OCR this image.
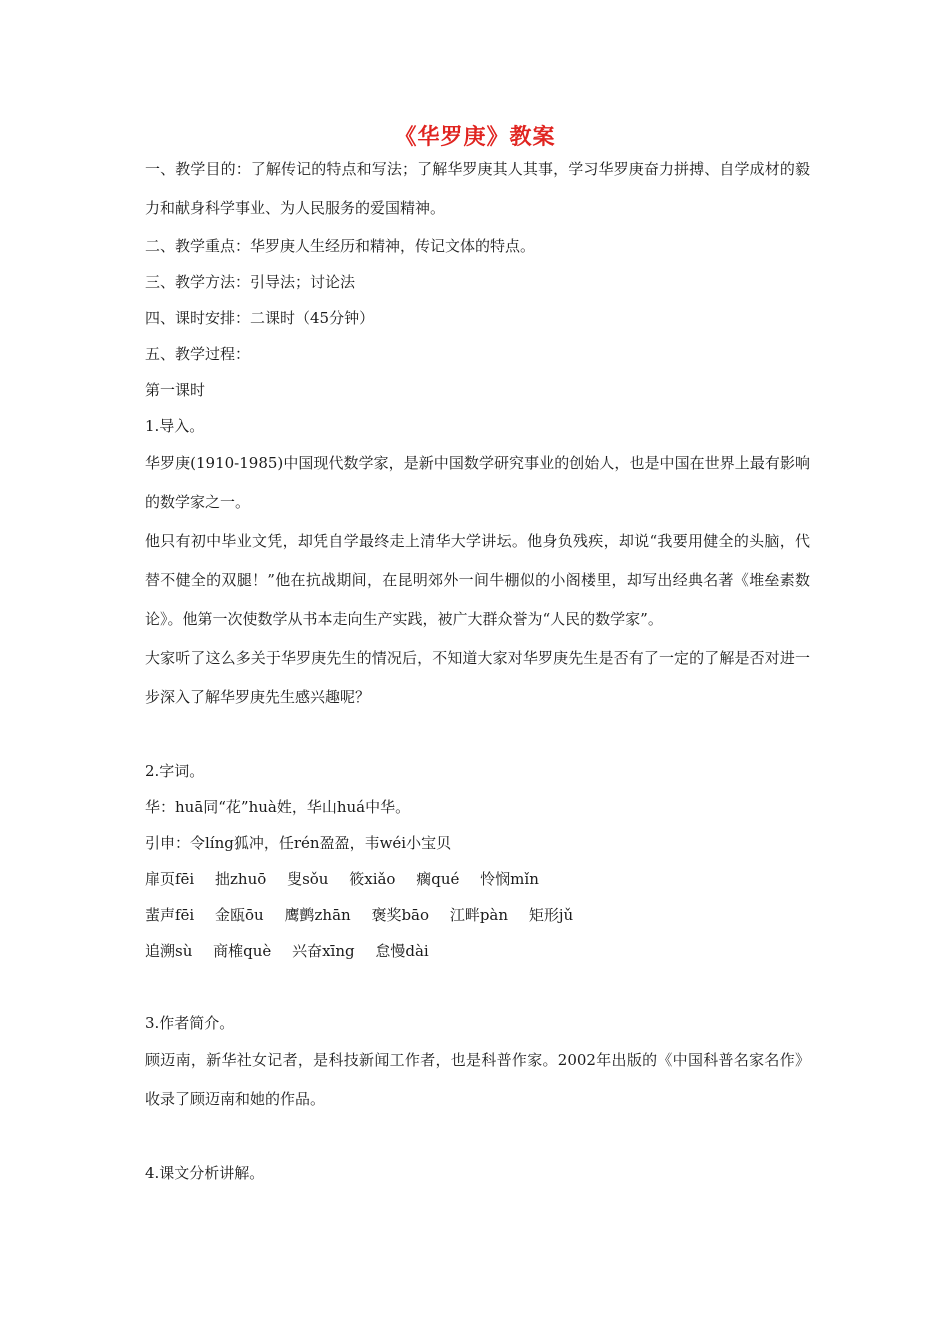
《华罗庚》教案

一、教学目的：了解传记的特点和写法；了解华罗庚其人其事，学习华罗庚奋力拼搏、自学成材的毅力和献身科学事业、为人民服务的爱国精神。

二、教学重点：华罗庚人生经历和精神，传记文体的特点。

三、教学方法：引导法；讨论法

四、课时安排：二课时（45分钟）

五、教学过程：

第一课时

1.导入。

华罗庚(1910-1985)中国现代数学家，是新中国数学研究事业的创始人，也是中国在世界上最有影响的数学家之一。

他只有初中毕业文凭，却凭自学最终走上清华大学讲坛。他身负残疾，却说“我要用健全的头脑，代替不健全的双腿！”他在抗战期间，在昆明郊外一间牛棚似的小阁楼里，却写出经典名著《堆垒素数论》。他第一次使数学从书本走向生产实践，被广大群众誉为“人民的数学家”。

大家听了这么多关于华罗庚先生的情况后，不知道大家对华罗庚先生是否有了一定的了解是否对进一步深入了解华罗庚先生感兴趣呢？

2.字词。

华：huā同“花”huà姓，华山huá中华。

引申：令líng狐冲，任rén盈盈，韦wéi小宝贝

扉页fēi 拙zhuō 叟sǒu 筱xiǎo 瘸qué 怜悯mǐn

蜚声fēi 金瓯ōu 鹰鹯zhān 褒奖bāo 江畔pàn 矩形jǔ

追溯sù 商榷què 兴奋xīng 怠慢dài

3.作者简介。

顾迈南，新华社女记者，是科技新闻工作者，也是科普作家。2002年出版的《中国科普名家名作》收录了顾迈南和她的作品。

4.课文分析讲解。
